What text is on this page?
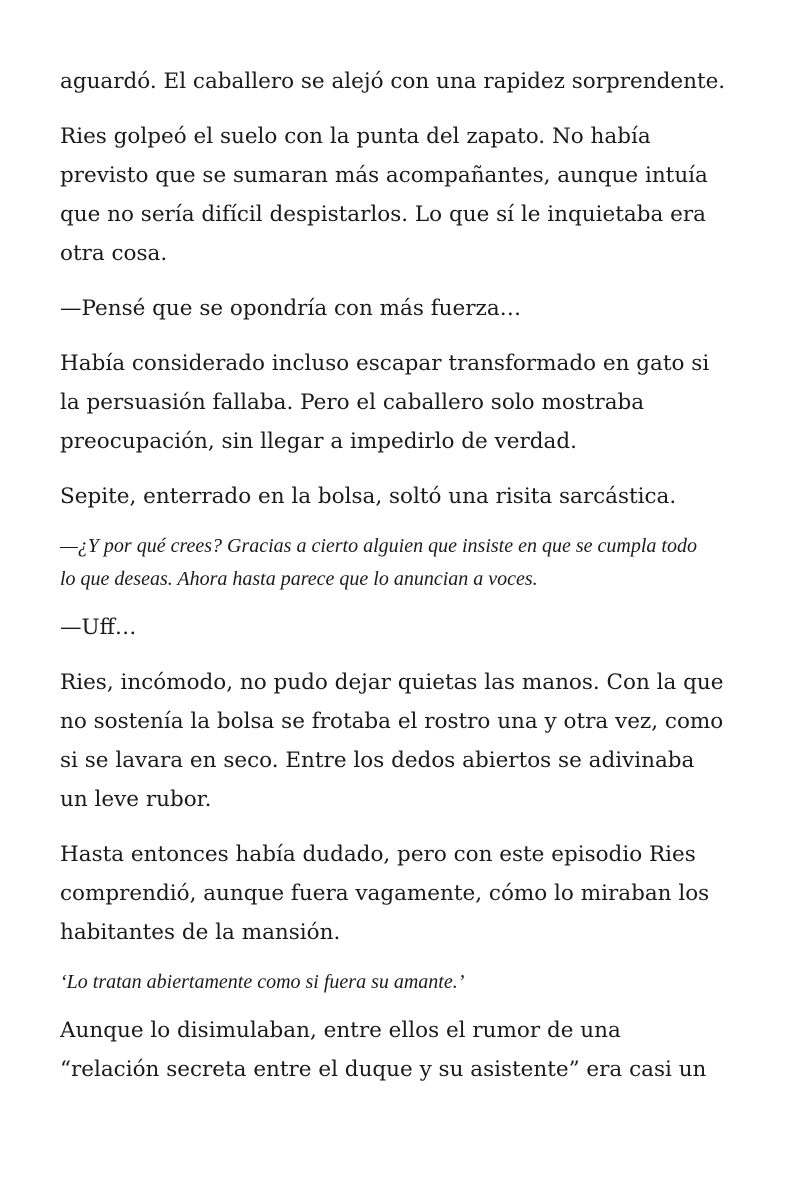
aguardó. El caballero se alejó con una rapidez sorprendente.

Ries golpeó el suelo con la punta del zapato. No había
previsto que se sumaran más acompañantes, aunque intuía
que no sería difícil despistarlos. Lo que sí le inquietaba era
otra cosa.

—Pensé que se opondría con más fuerza…

Había considerado incluso escapar transformado en gato si
la persuasión fallaba. Pero el caballero solo mostraba
preocupación, sin llegar a impedirlo de verdad.

Sepite, enterrado en la bolsa, soltó una risita sarcástica.

—¿Y por qué crees? Gracias a cierto alguien que insiste en que se cumpla todo
lo que deseas. Ahora hasta parece que lo anuncian a voces.

—Uff…

Ries, incómodo, no pudo dejar quietas las manos. Con la que
no sostenía la bolsa se frotaba el rostro una y otra vez, como
si se lavara en seco. Entre los dedos abiertos se adivinaba
un leve rubor.

Hasta entonces había dudado, pero con este episodio Ries
comprendió, aunque fuera vagamente, cómo lo miraban los
habitantes de la mansión.

‘Lo tratan abiertamente como si fuera su amante.’

Aunque lo disimulaban, entre ellos el rumor de una
“relación secreta entre el duque y su asistente” era casi un
